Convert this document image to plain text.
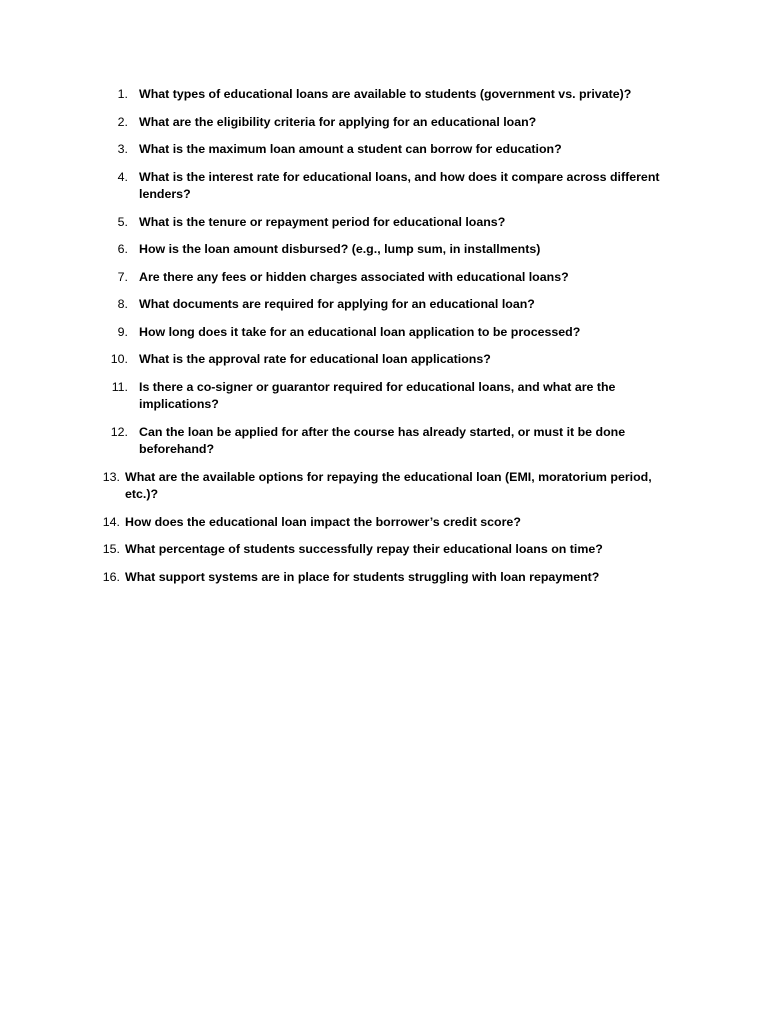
1. What types of educational loans are available to students (government vs. private)?
2. What are the eligibility criteria for applying for an educational loan?
3. What is the maximum loan amount a student can borrow for education?
4. What is the interest rate for educational loans, and how does it compare across different lenders?
5. What is the tenure or repayment period for educational loans?
6. How is the loan amount disbursed? (e.g., lump sum, in installments)
7. Are there any fees or hidden charges associated with educational loans?
8. What documents are required for applying for an educational loan?
9. How long does it take for an educational loan application to be processed?
10. What is the approval rate for educational loan applications?
11. Is there a co-signer or guarantor required for educational loans, and what are the implications?
12. Can the loan be applied for after the course has already started, or must it be done beforehand?
13. What are the available options for repaying the educational loan (EMI, moratorium period, etc.)?
14. How does the educational loan impact the borrower’s credit score?
15. What percentage of students successfully repay their educational loans on time?
16. What support systems are in place for students struggling with loan repayment?
